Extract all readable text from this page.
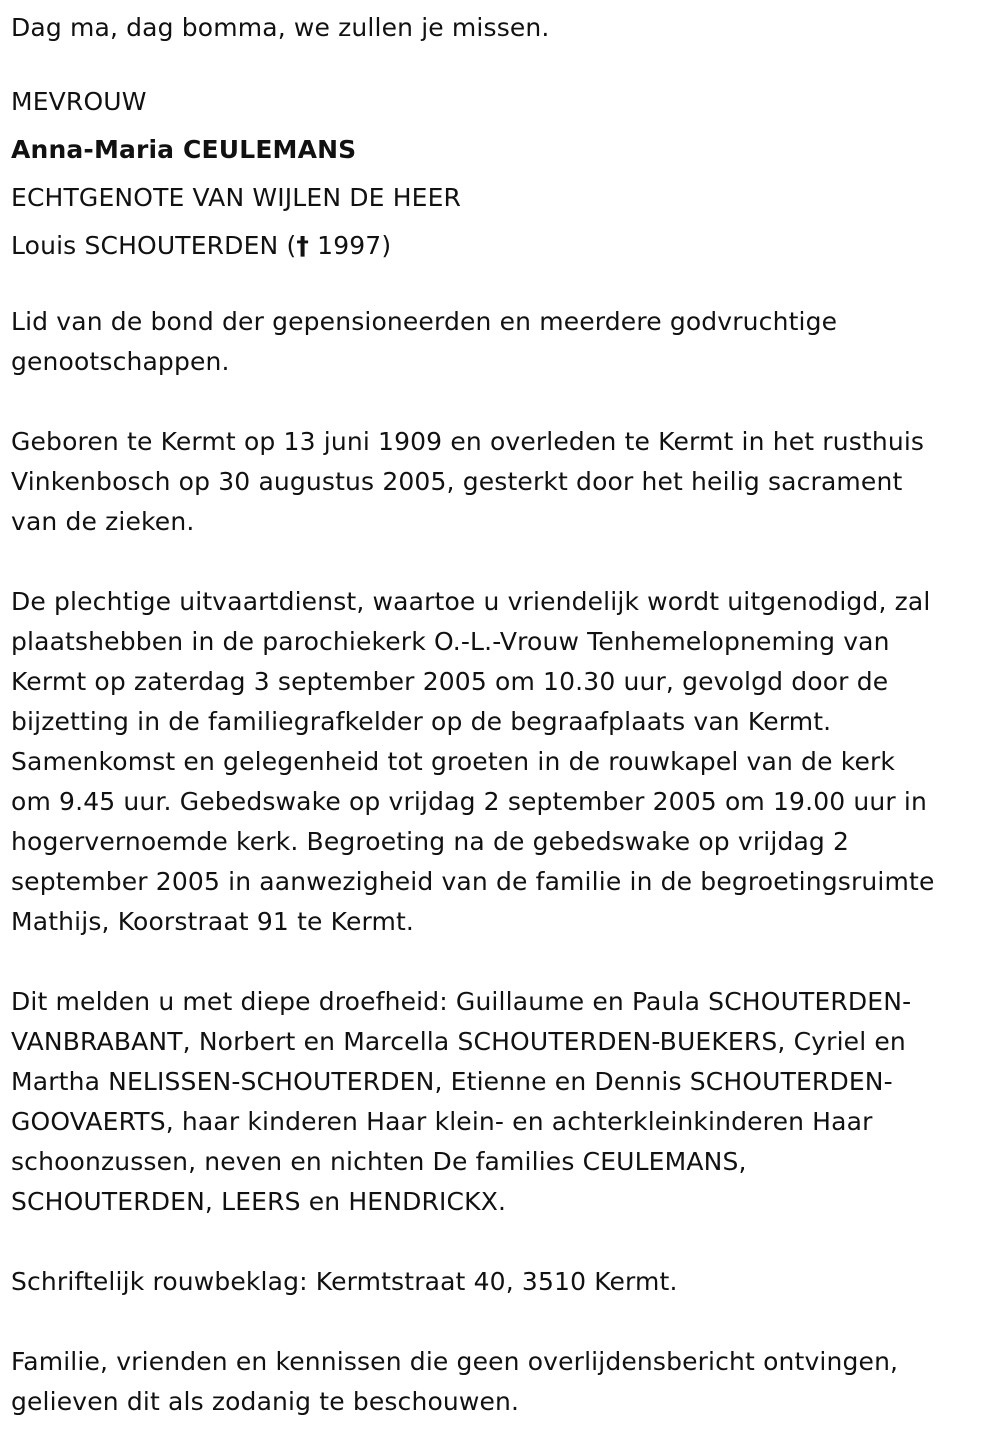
Dag ma, dag bomma, we zullen je missen.

MEVROUW

Anna-Maria CEULEMANS

ECHTGENOTE VAN WIJLEN DE HEER

Louis SCHOUTERDEN († 1997)

Lid van de bond der gepensioneerden en meerdere godvruchtige

genootschappen.

Geboren te Kermt op 13 juni 1909 en overleden te Kermt in het rusthuis

Vinkenbosch op 30 augustus 2005, gesterkt door het heilig sacrament

van de zieken.

De plechtige uitvaartdienst, waartoe u vriendelijk wordt uitgenodigd, zal

plaatshebben in de parochiekerk O.-L.-Vrouw Tenhemelopneming van

Kermt op zaterdag 3 september 2005 om 10.30 uur, gevolgd door de

bijzetting in de familiegrafkelder op de begraafplaats van Kermt.

Samenkomst en gelegenheid tot groeten in de rouwkapel van de kerk

om 9.45 uur. Gebedswake op vrijdag 2 september 2005 om 19.00 uur in

hogervernoemde kerk. Begroeting na de gebedswake op vrijdag 2

september 2005 in aanwezigheid van de familie in de begroetingsruimte

Mathijs, Koorstraat 91 te Kermt.

Dit melden u met diepe droefheid: Guillaume en Paula SCHOUTERDEN-

VANBRABANT, Norbert en Marcella SCHOUTERDEN-BUEKERS, Cyriel en

Martha NELISSEN-SCHOUTERDEN, Etienne en Dennis SCHOUTERDEN-

GOOVAERTS, haar kinderen Haar klein- en achterkleinkinderen Haar

schoonzussen, neven en nichten De families CEULEMANS,

SCHOUTERDEN, LEERS en HENDRICKX.

Schriftelijk rouwbeklag: Kermtstraat 40, 3510 Kermt.

Familie, vrienden en kennissen die geen overlijdensbericht ontvingen,

gelieven dit als zodanig te beschouwen.
